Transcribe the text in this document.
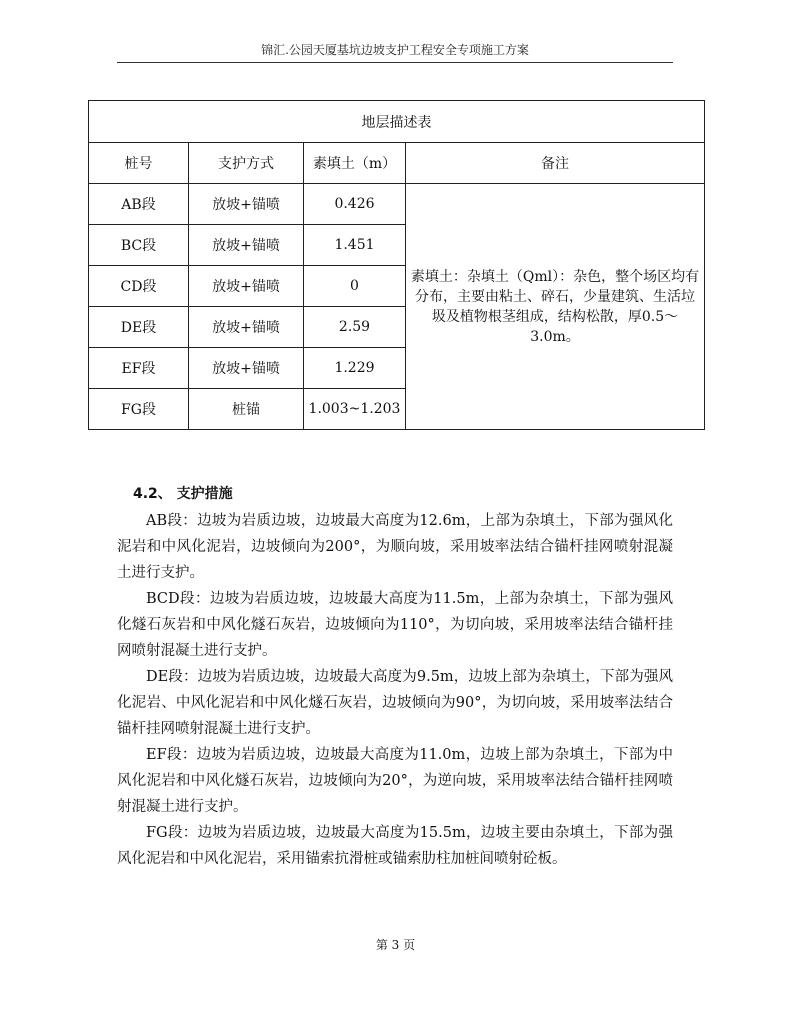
锦汇.公园天厦基坑边坡支护工程安全专项施工方案
地层描述表			
桩号	支护方式	素填土（m）	备注
AB段	放坡+锚喷	0.426	素填土：杂填土（Qml）：杂色，整个场区均有分布，主要由粘土、碎石，少量建筑、生活垃圾及植物根茎组成，结构松散，厚0.5～3.0m。
BC段	放坡+锚喷	1.451	
CD段	放坡+锚喷	0	
DE段	放坡+锚喷	2.59	
EF段	放坡+锚喷	1.229	
FG段	桩锚	1.003~1.203	
4.2、 支护措施
AB段：边坡为岩质边坡，边坡最大高度为12.6m，上部为杂填土，下部为强风化泥岩和中风化泥岩，边坡倾向为200°，为顺向坡，采用坡率法结合锚杆挂网喷射混凝土进行支护。
BCD段：边坡为岩质边坡，边坡最大高度为11.5m，上部为杂填土，下部为强风化燧石灰岩和中风化燧石灰岩，边坡倾向为110°，为切向坡，采用坡率法结合锚杆挂网喷射混凝土进行支护。
DE段：边坡为岩质边坡，边坡最大高度为9.5m，边坡上部为杂填土，下部为强风化泥岩、中风化泥岩和中风化燧石灰岩，边坡倾向为90°，为切向坡，采用坡率法结合锚杆挂网喷射混凝土进行支护。
EF段：边坡为岩质边坡，边坡最大高度为11.0m，边坡上部为杂填土，下部为中风化泥岩和中风化燧石灰岩，边坡倾向为20°，为逆向坡，采用坡率法结合锚杆挂网喷射混凝土进行支护。
FG段：边坡为岩质边坡，边坡最大高度为15.5m，边坡主要由杂填土，下部为强风化泥岩和中风化泥岩，采用锚索抗滑桩或锚索肋柱加桩间喷射砼板。
第 3 页
